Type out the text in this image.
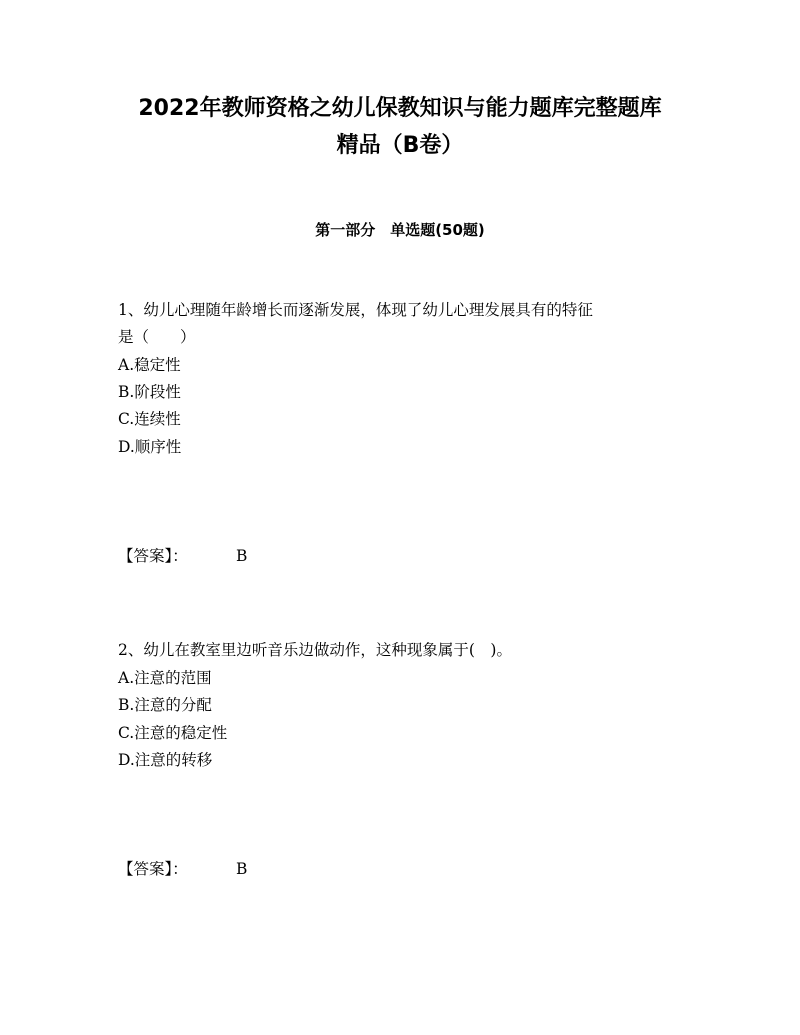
2022年教师资格之幼儿保教知识与能力题库完整题库
精品（B卷）
第一部分　单选题(50题)
1、幼儿心理随年龄增长而逐渐发展，体现了幼儿心理发展具有的特征
是（　　）
A.稳定性
B.阶段性
C.连续性
D.顺序性
【答案】：	B
2、幼儿在教室里边听音乐边做动作，这种现象属于(　)。
A.注意的范围
B.注意的分配
C.注意的稳定性
D.注意的转移
【答案】：	B
